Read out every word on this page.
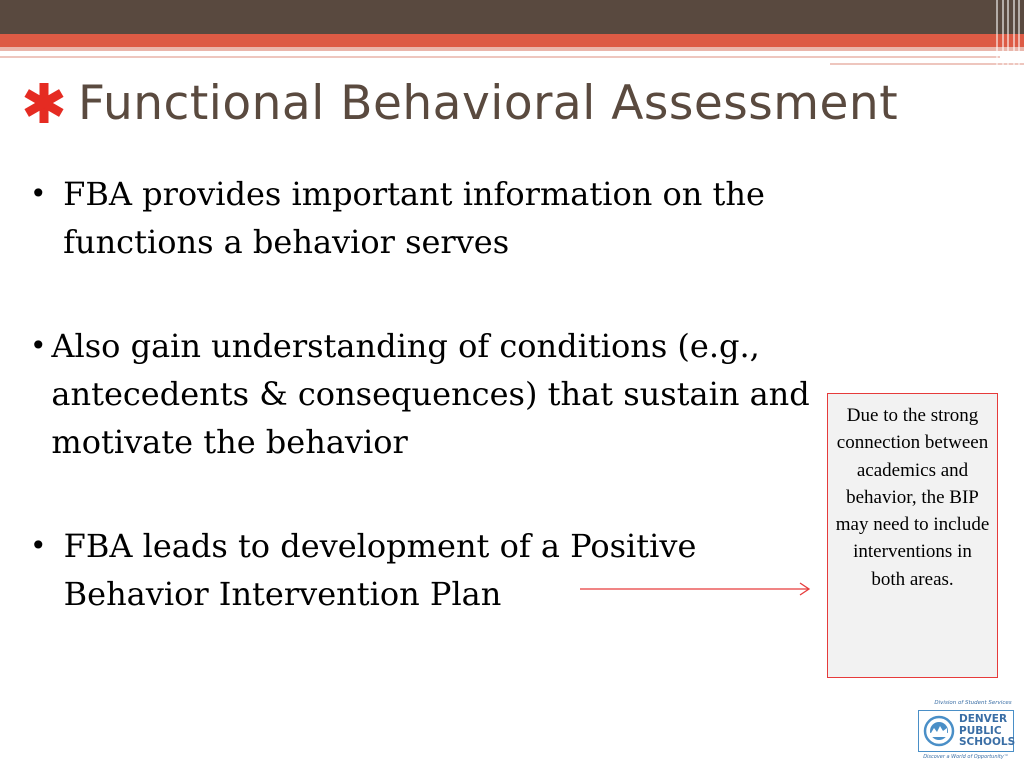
Functional Behavioral Assessment
• FBA provides important information on the functions a behavior serves
• Also gain understanding of conditions (e.g., antecedents & consequences) that sustain and motivate the behavior
• FBA leads to development of a Positive Behavior Intervention Plan
Due to the strong connection between academics and behavior, the BIP may need to include interventions in both areas.
Division of Student Services
DENVER
PUBLIC
SCHOOLS
Discover a World of Opportunity™
